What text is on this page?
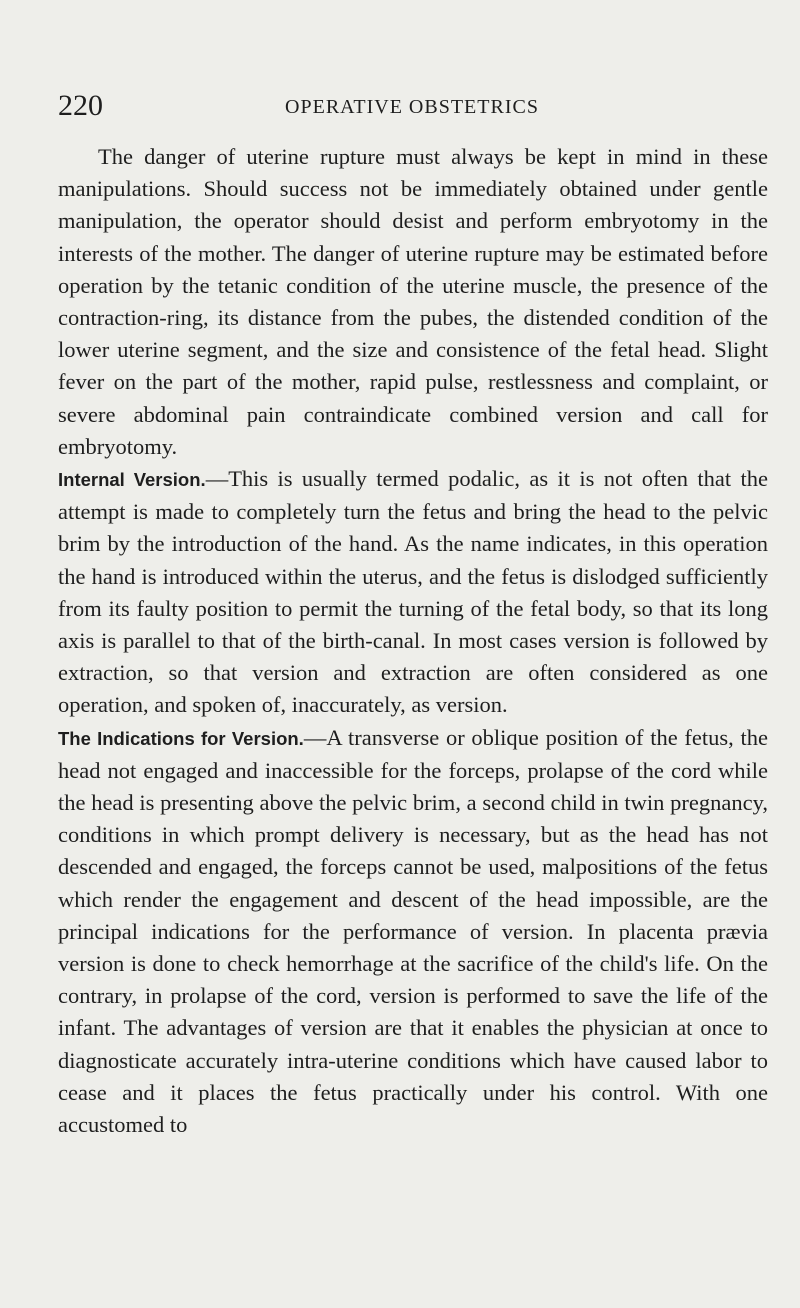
220	OPERATIVE OBSTETRICS

The danger of uterine rupture must always be kept in mind in these manipulations. Should success not be immediately obtained under gentle manipulation, the operator should desist and perform embryotomy in the interests of the mother. The danger of uterine rupture may be estimated before operation by the tetanic condition of the uterine muscle, the presence of the contraction-ring, its distance from the pubes, the distended condition of the lower uterine segment, and the size and consistence of the fetal head. Slight fever on the part of the mother, rapid pulse, restlessness and complaint, or severe abdominal pain contraindicate combined version and call for embryotomy.

Internal Version.—This is usually termed podalic, as it is not often that the attempt is made to completely turn the fetus and bring the head to the pelvic brim by the introduction of the hand. As the name indicates, in this operation the hand is introduced within the uterus, and the fetus is dislodged sufficiently from its faulty position to permit the turning of the fetal body, so that its long axis is parallel to that of the birth-canal. In most cases version is followed by extraction, so that version and extraction are often considered as one operation, and spoken of, inaccurately, as version.

The Indications for Version.—A transverse or oblique position of the fetus, the head not engaged and inaccessible for the forceps, prolapse of the cord while the head is presenting above the pelvic brim, a second child in twin pregnancy, conditions in which prompt delivery is necessary, but as the head has not descended and engaged, the forceps cannot be used, malpositions of the fetus which render the engagement and descent of the head impossible, are the principal indications for the performance of version. In placenta prævia version is done to check hemorrhage at the sacrifice of the child's life. On the contrary, in prolapse of the cord, version is performed to save the life of the infant. The advantages of version are that it enables the physician at once to diagnosticate accurately intra-uterine conditions which have caused labor to cease and it places the fetus practically under his control. With one accustomed to
